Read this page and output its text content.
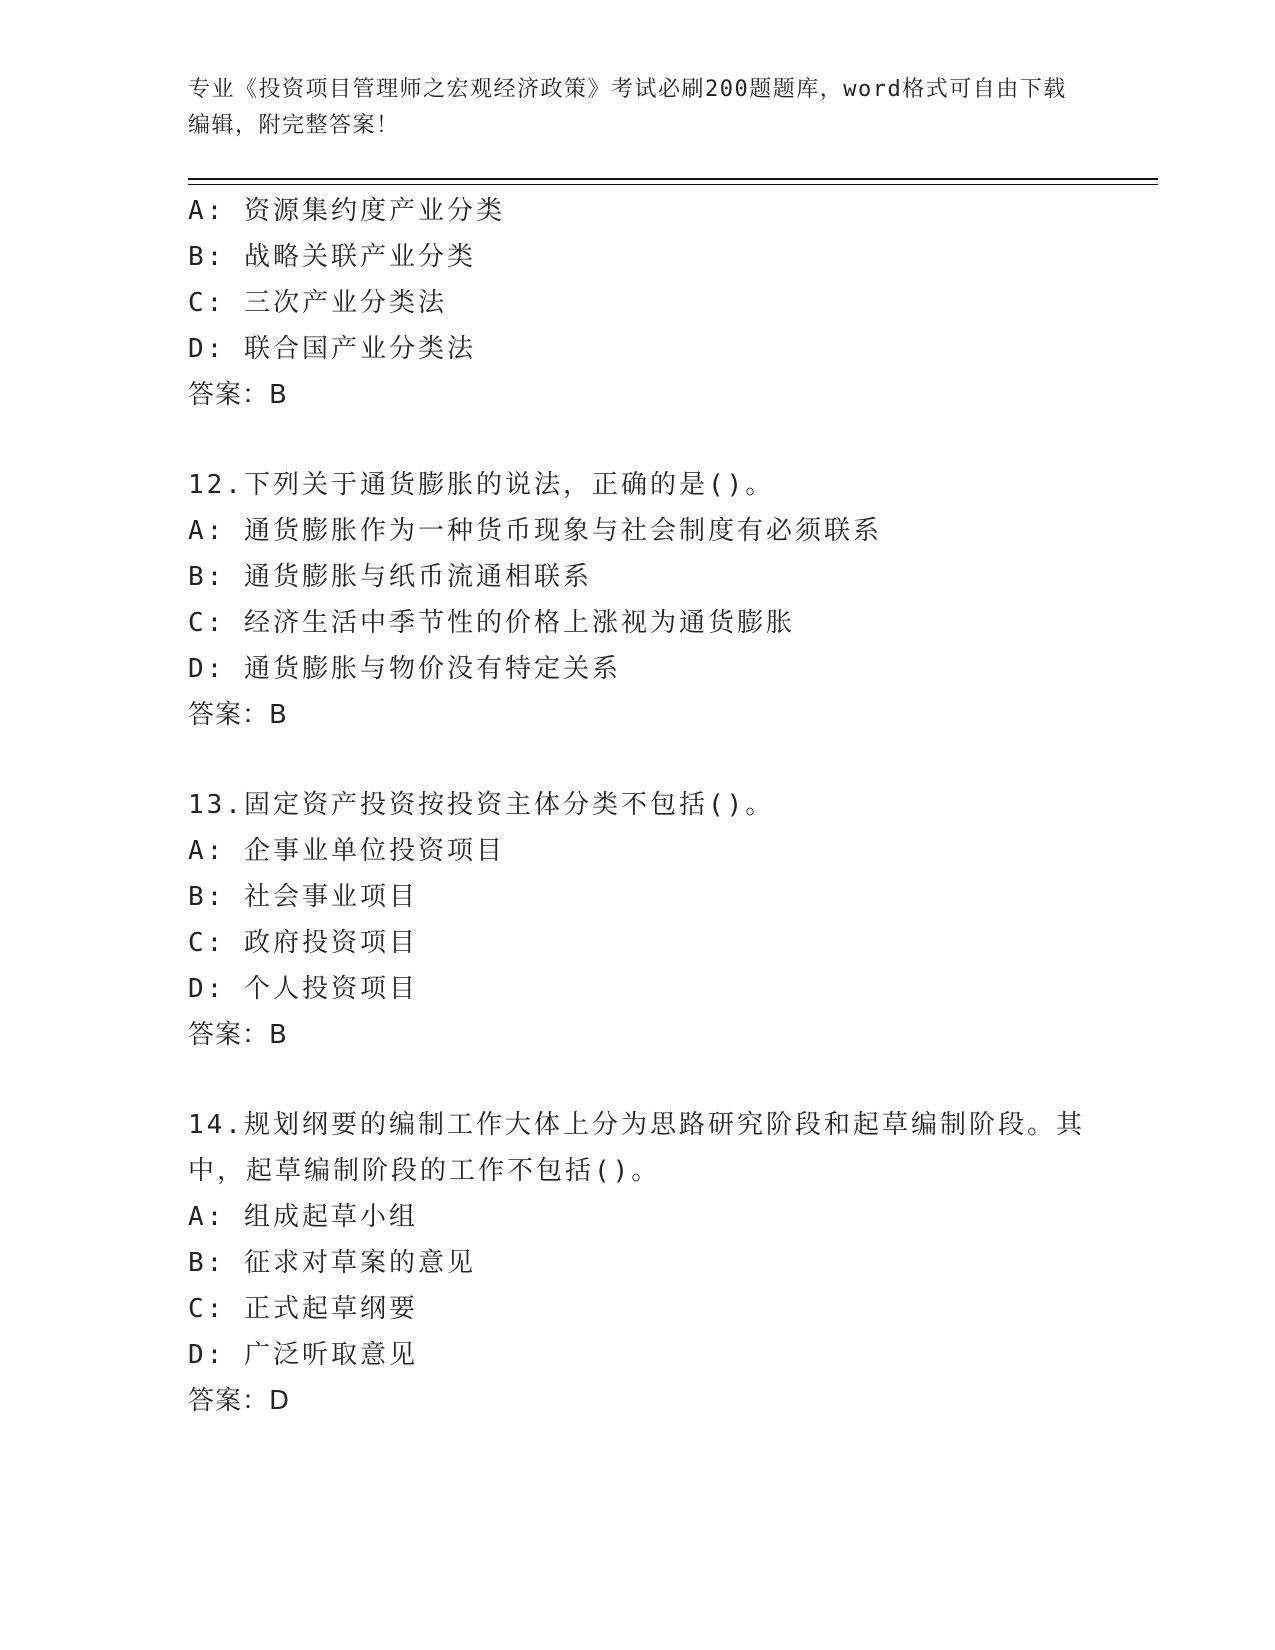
专业《投资项目管理师之宏观经济政策》考试必刷200题题库，word格式可自由下载编辑，附完整答案！
A: 资源集约度产业分类
B: 战略关联产业分类
C: 三次产业分类法
D: 联合国产业分类法
答案：B
12.下列关于通货膨胀的说法，正确的是()。
A: 通货膨胀作为一种货币现象与社会制度有必须联系
B: 通货膨胀与纸币流通相联系
C: 经济生活中季节性的价格上涨视为通货膨胀
D: 通货膨胀与物价没有特定关系
答案：B
13.固定资产投资按投资主体分类不包括()。
A: 企事业单位投资项目
B: 社会事业项目
C: 政府投资项目
D: 个人投资项目
答案：B
14.规划纲要的编制工作大体上分为思路研究阶段和起草编制阶段。其中，起草编制阶段的工作不包括()。
A: 组成起草小组
B: 征求对草案的意见
C: 正式起草纲要
D: 广泛听取意见
答案：D
